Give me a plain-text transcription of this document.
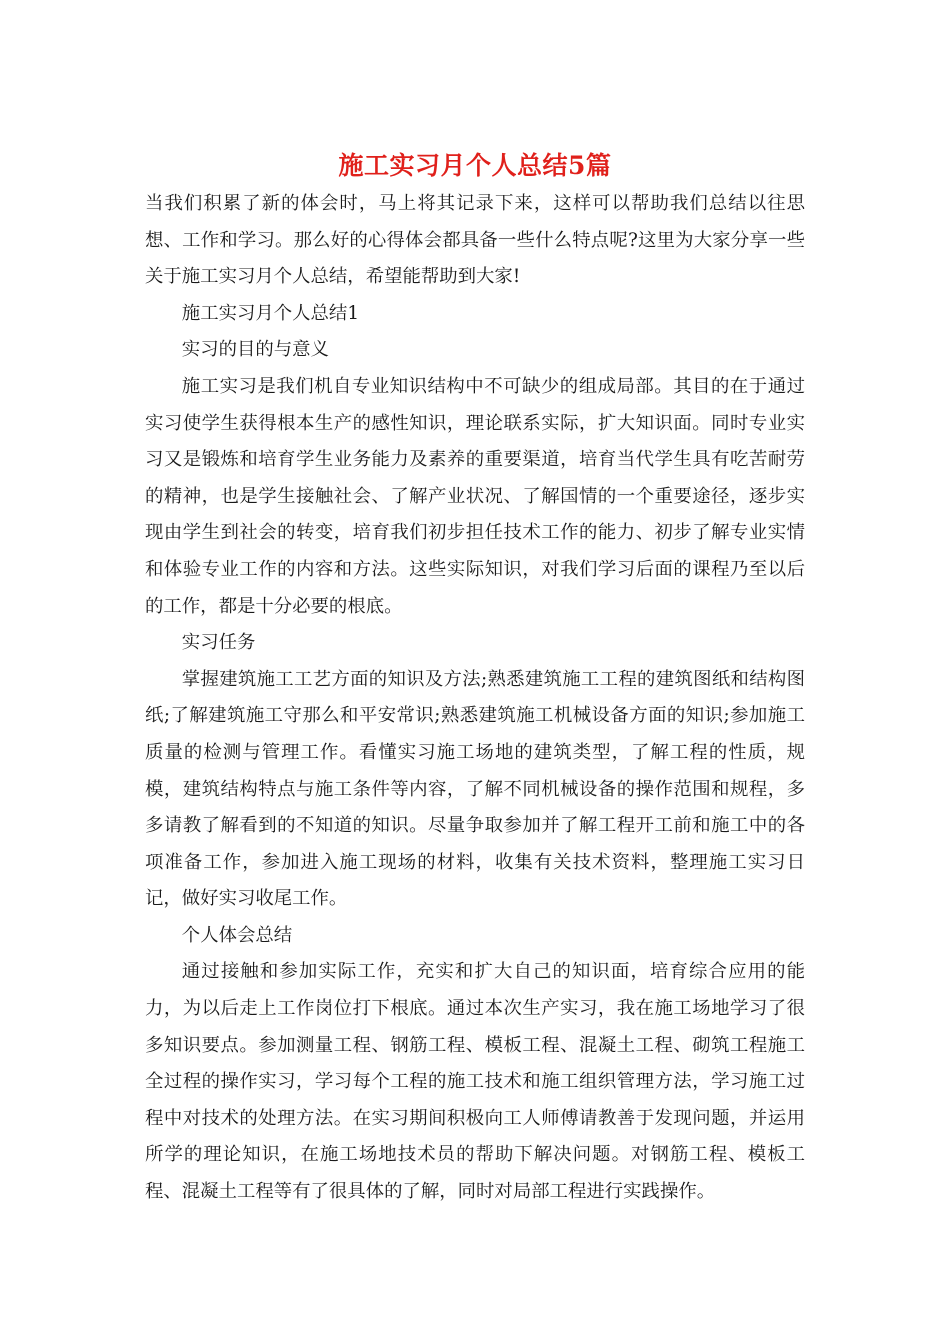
施工实习月个人总结5篇

当我们积累了新的体会时，马上将其记录下来，这样可以帮助我们总结以往思想、工作和学习。那么好的心得体会都具备一些什么特点呢?这里为大家分享一些关于施工实习月个人总结，希望能帮助到大家!

施工实习月个人总结1

实习的目的与意义

施工实习是我们机自专业知识结构中不可缺少的组成局部。其目的在于通过实习使学生获得根本生产的感性知识，理论联系实际，扩大知识面。同时专业实习又是锻炼和培育学生业务能力及素养的重要渠道，培育当代学生具有吃苦耐劳的精神，也是学生接触社会、了解产业状况、了解国情的一个重要途径，逐步实现由学生到社会的转变，培育我们初步担任技术工作的能力、初步了解专业实情和体验专业工作的内容和方法。这些实际知识，对我们学习后面的课程乃至以后的工作，都是十分必要的根底。

实习任务

掌握建筑施工工艺方面的知识及方法;熟悉建筑施工工程的建筑图纸和结构图纸;了解建筑施工守那么和平安常识;熟悉建筑施工机械设备方面的知识;参加施工质量的检测与管理工作。看懂实习施工场地的建筑类型，了解工程的性质，规模，建筑结构特点与施工条件等内容，了解不同机械设备的操作范围和规程，多多请教了解看到的不知道的知识。尽量争取参加并了解工程开工前和施工中的各项准备工作，参加进入施工现场的材料，收集有关技术资料，整理施工实习日记，做好实习收尾工作。

个人体会总结

通过接触和参加实际工作，充实和扩大自己的知识面，培育综合应用的能力，为以后走上工作岗位打下根底。通过本次生产实习，我在施工场地学习了很多知识要点。参加测量工程、钢筋工程、模板工程、混凝土工程、砌筑工程施工全过程的操作实习，学习每个工程的施工技术和施工组织管理方法，学习施工过程中对技术的处理方法。在实习期间积极向工人师傅请教善于发现问题，并运用所学的理论知识，在施工场地技术员的帮助下解决问题。对钢筋工程、模板工程、混凝土工程等有了很具体的了解，同时对局部工程进行实践操作。
